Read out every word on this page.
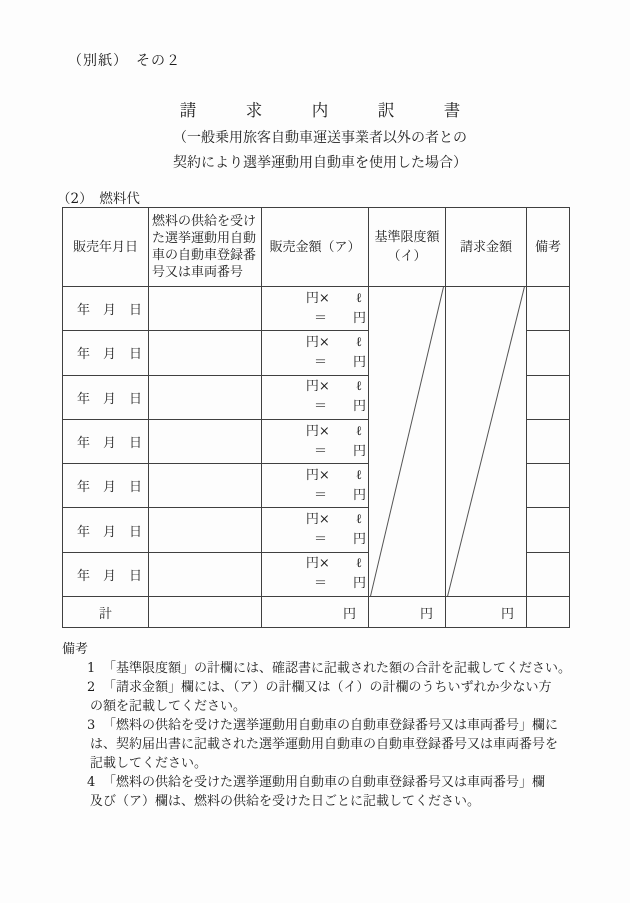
（別紙）　その２
請　　　求　　　内　　　訳　　　書
（一般乗用旅客自動車運送事業者以外の者との
契約により選挙運動用自動車を使用した場合）
（2）　燃料代
販売年月日	燃料の供給を受けた選挙運動用自動車の自動車登録番号又は車両番号	販売金額（ア）	基準限度額（イ）	請求金額	備考
年　月　日		円×　　ℓ
＝　　円

年　月　日		円×　　ℓ
＝　　円			

年　月　日		円×　　ℓ
＝　　円			

年　月　日		円×　　ℓ
＝　　円			

年　月　日		円×　　ℓ
＝　　円			

年　月　日		円×　　ℓ
＝　　円			

年　月　日		円×　　ℓ
＝　　円			

計		円	円	円	
備考
1 「基準限度額」の計欄には、確認書に記載された額の合計を記載してください。
2 「請求金額」欄には、（ア）の計欄又は（イ）の計欄のうちいずれか少ない方
の額を記載してください。
3 「燃料の供給を受けた選挙運動用自動車の自動車登録番号又は車両番号」欄に
は、契約届出書に記載された選挙運動用自動車の自動車登録番号又は車両番号を
記載してください。
4 「燃料の供給を受けた選挙運動用自動車の自動車登録番号又は車両番号」欄
及び（ア）欄は、燃料の供給を受けた日ごとに記載してください。
